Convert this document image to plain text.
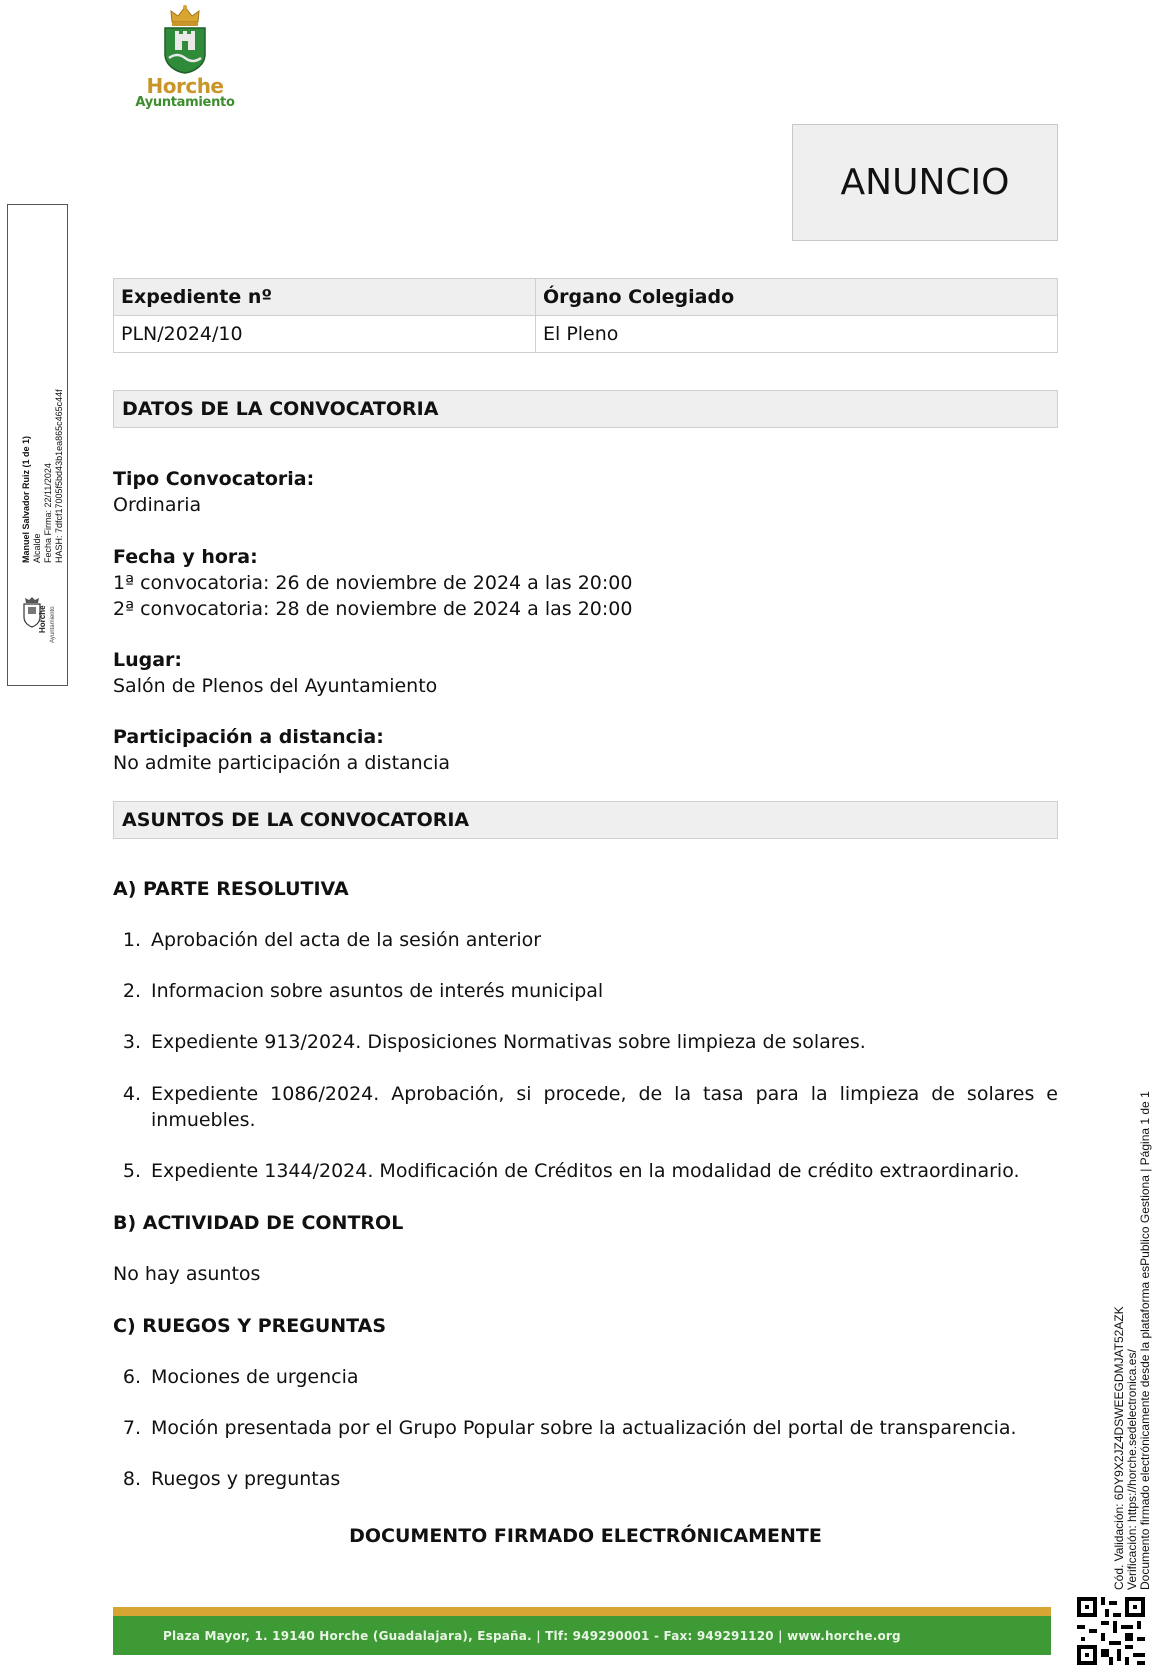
Horche
Ayuntamiento
ANUNCIO
Manuel Salvador Ruiz (1 de 1) Alcalde Fecha Firma: 22/11/2024 HASH: 7dfcf17005f5bd43b1ea865c465c44f
Horche Ayuntamiento
Cód. Validación: 6DY9X2JZ4DSWEEGDMJAT52AZK Verificación: https://horche.sedelectronica.es/ Documento firmado electrónicamente desde la plataforma esPublico Gestiona | Página 1 de 1
Expediente nº	Órgano Colegiado
PLN/2024/10	El Pleno
DATOS DE LA CONVOCATORIA
Tipo Convocatoria:
Ordinaria
Fecha y hora:
1ª convocatoria: 26 de noviembre de 2024 a las 20:00
2ª convocatoria: 28 de noviembre de 2024 a las 20:00
Lugar:
Salón de Plenos del Ayuntamiento
Participación a distancia:
No admite participación a distancia
ASUNTOS DE LA CONVOCATORIA
A) PARTE RESOLUTIVA
1. Aprobación del acta de la sesión anterior
2. Informacion sobre asuntos de interés municipal
3. Expediente 913/2024. Disposiciones Normativas sobre limpieza de solares.
4. Expediente 1086/2024. Aprobación, si procede, de la tasa para la limpieza de solares e inmuebles.
5. Expediente 1344/2024. Modificación de Créditos en la modalidad de crédito extraordinario.
B) ACTIVIDAD DE CONTROL
No hay asuntos
C) RUEGOS Y PREGUNTAS
6. Mociones de urgencia
7. Moción presentada por el Grupo Popular sobre la actualización del portal de transparencia.
8. Ruegos y preguntas
DOCUMENTO FIRMADO ELECTRÓNICAMENTE
Plaza Mayor, 1. 19140 Horche (Guadalajara), España. | Tlf: 949290001 - Fax: 949291120 | www.horche.org
